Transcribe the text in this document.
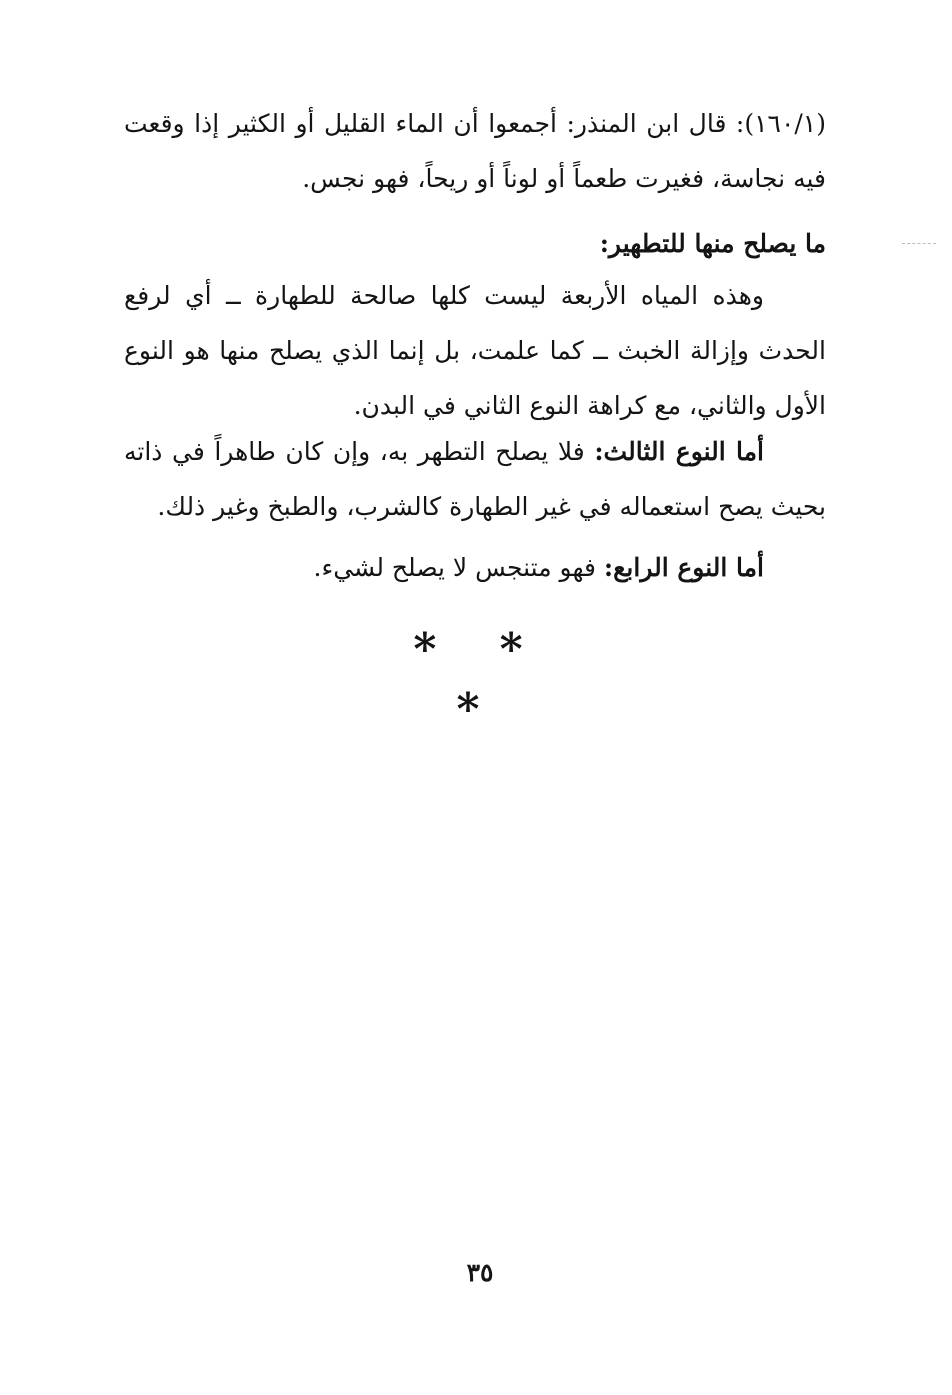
(١٦٠/١): قال ابن المنذر: أجمعوا أن الماء القليل أو الكثير إذا وقعت فيه نجاسة، فغيرت طعماً أو لوناً أو ريحاً، فهو نجس.

ما يصلح منها للتطهير:

وهذه المياه الأربعة ليست كلها صالحة للطهارة ــ أي لرفع الحدث وإزالة الخبث ــ كما علمت، بل إنما الذي يصلح منها هو النوع الأول والثاني، مع كراهة النوع الثاني في البدن.

أما النوع الثالث: فلا يصلح التطهر به، وإن كان طاهراً في ذاته بحيث يصح استعماله في غير الطهارة كالشرب، والطبخ وغير ذلك.

أما النوع الرابع: فهو متنجس لا يصلح لشيء.

* * *
٣٥
